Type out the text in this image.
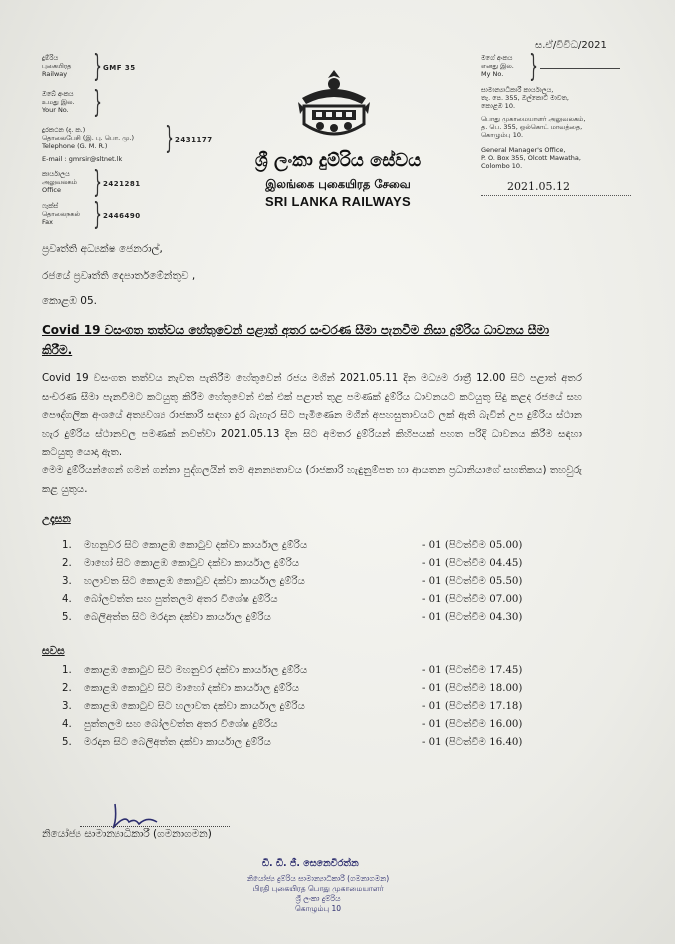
දුම්රිය
புகையிரத
Railway } GMF 35
ඔබේ අංකය
உமது இல.
Your No. }
දුරකථන (ද. ක.)
தொலைபேசி (இ. பு. பொ. மு.)
Telephone (G. M. R.)	} 2431177
E-mail : gmrsir@sltnet.lk
කාර්යාලය
அலுவலகம்
Office	} 2421281
ෆැක්ස්
தொலைநகல்
Fax	} 2446490
ශ්‍රී ලංකා දුම්රිය සේවය
இலங்கை புகையிரத சேவை
SRI LANKA RAILWAYS
ස.ඒ/විවිධ/2021
මගේ අංකය
எனது இல.
My No. }
සාමාන්‍යාධිකාරී කාර්යාලය,
තැ. පෙ. 355, ඔල්කොට් මාවත,
කොළඹ 10.
பொது முகாமையாளர் அலுவலகம்,
த. பெ. 355, ஒல்கொட் மாவத்தை,
கொழும்பு 10.
General Manager's Office,
P. O. Box 355, Olcott Mawatha,
Colombo 10.
2021.05.12
ප්‍රවෘත්ති අධ්‍යක්ෂ ජෙනරාල්,
රජයේ ප්‍රවෘත්ති දෙපාර්තමේන්තුව ,
කොළඹ 05.
Covid 19 වසංගත තත්වය හේතුවෙන් පළාත් අතර සංචරණ සීමා පැනවීම නිසා දුම්රිය ධාවනය සීමා කිරීම.
Covid 19 වසංගත තත්වය නැවත පැතිරීම හේතුවෙන් රජය මගින් 2021.05.11 දින මධ්‍යම රාත්‍රී 12.00 සිට පළාත් අතර සංචරණ සීමා පැනවීමට කටයුතු කිරීම හේතුවෙන් එක් එක් පළාත් තුළ පමණක් දුම්රිය ධාවනයට කටයුතු සිදු කළද රජයේ සහ පෞද්ගලික අංශයේ අත්‍යවශ්‍ය රාජකාරි සඳහා දුර බැහැර සිට පැමිණෙන මගීන් අපහසුතාවයට ලක් ඇති බැවින් උප දුම්රිය ස්ථාන හැර දුම්රිය ස්ථානවල පමණක් නවත්වා 2021.05.13 දින සිට අමතර දුම්රියන් කිහිපයක් පහත පරිදි ධාවනය කිරීම සඳහා කටයුතු යොදා ඇත.
මෙම දුම්රියන්ගෙන් ගමන් ගන්නා පුද්ගලයින් තම අනන්‍යතාවය (රාජකාරි හැඳුනුම්පත හා ආයතන ප්‍රධානියාගේ සහතිකය) තහවුරු කළ යුතුය.
උදෑසන
1. මහනුවර සිට කොළඹ කොටුව දක්වා කාර්යාල දුම්රිය	- 01 (පිටත්වීම 05.00)
2. මාහෝ සිට කොළඹ කොටුව දක්වා කාර්යාල දුම්රිය	- 01 (පිටත්වීම 04.45)
3. හලාවත සිට කොළඹ කොටුව දක්වා කාර්යාල දුම්රිය	- 01 (පිටත්වීම 05.50)
4. බෝලවත්ත සහ පුත්තලම අතර විශේෂ දුම්රිය	- 01 (පිටත්වීම 07.00)
5. බෙලිඅත්ත සිට මරදාන දක්වා කාර්යාල දුම්රිය	- 01 (පිටත්වීම 04.30)
සවස
1. කොළඹ කොටුව සිට මහනුවර දක්වා කාර්යාල දුම්රිය	- 01 (පිටත්වීම 17.45)
2. කොළඹ කොටුව සිට මාහෝ දක්වා කාර්යාල දුම්රිය	- 01 (පිටත්වීම 18.00)
3. කොළඹ කොටුව සිට හලාවත දක්වා කාර්යාල දුම්රිය	- 01 (පිටත්වීම 17.18)
4. පුත්තලම සහ බෝලවත්ත අතර විශේෂ දුම්රිය	- 01 (පිටත්වීම 16.00)
5. මරදාන සිට බෙලිඅත්ත දක්වා කාර්යාල දුම්රිය	- 01 (පිටත්වීම 16.40)
නියෝජ්‍ය සාමාන්‍යාධිකාරී (ගමනාගමන)
ඩී. ඩී. ජී. සෙනෙවිරත්න
නියෝජ්‍ය දුම්රිය සාමාන්‍යාධිකාරී (ගමනාගමන)
பிரதி புகையிரத பொது முகாமையாளர்
ශ්‍රී ලංකා දුම්රිය
கொழும்பு 10
